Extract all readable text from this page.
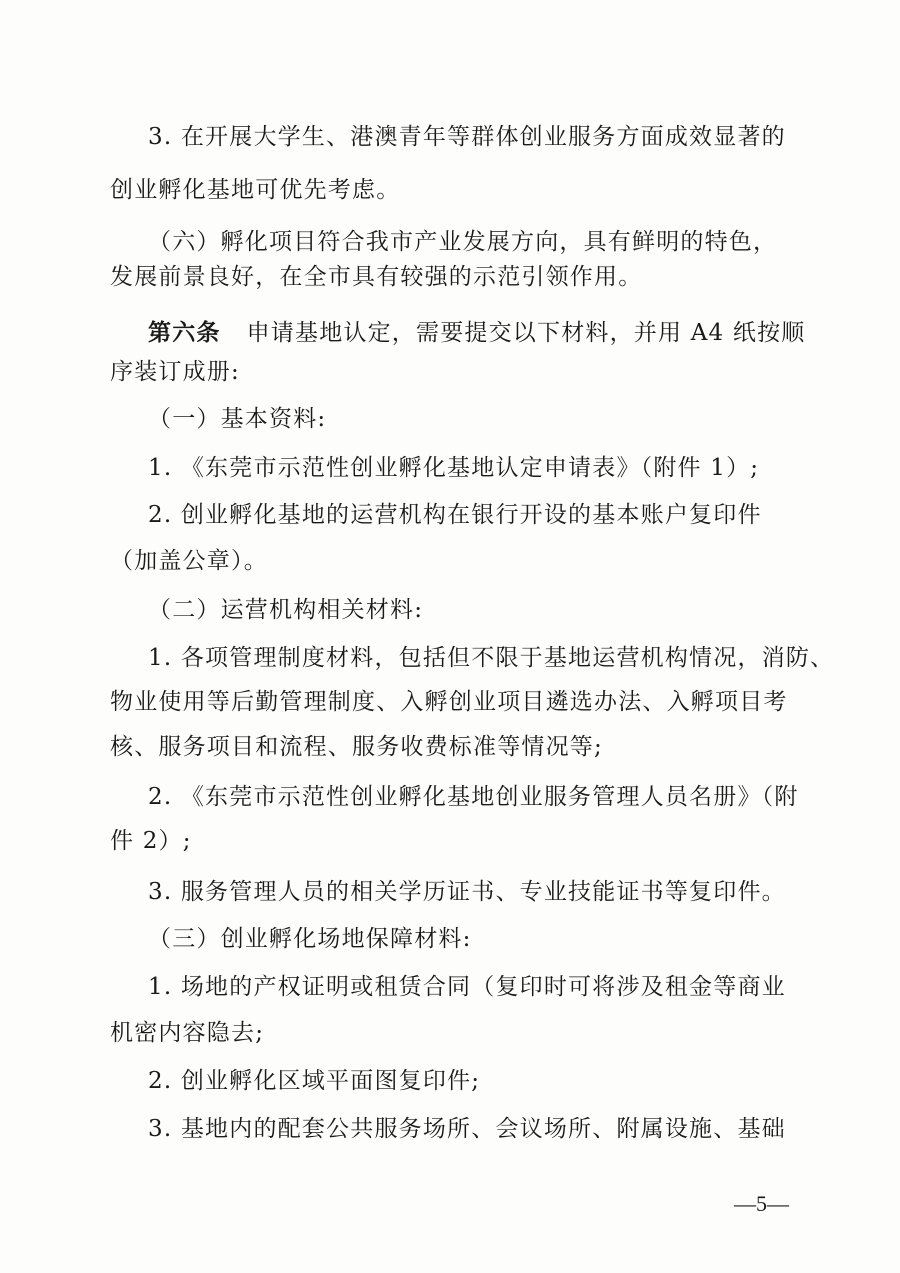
3. 在开展大学生、港澳青年等群体创业服务方面成效显著的
创业孵化基地可优先考虑。
（六）孵化项目符合我市产业发展方向，具有鲜明的特色，
发展前景良好，在全市具有较强的示范引领作用。
第六条 申请基地认定，需要提交以下材料，并用 A4 纸按顺
序装订成册:
（一）基本资料:
1. 《东莞市示范性创业孵化基地认定申请表》（附件 1）;
2. 创业孵化基地的运营机构在银行开设的基本账户复印件
（加盖公章）。
（二）运营机构相关材料:
1. 各项管理制度材料，包括但不限于基地运营机构情况，消防、
物业使用等后勤管理制度、入孵创业项目遴选办法、入孵项目考
核、服务项目和流程、服务收费标准等情况等;
2. 《东莞市示范性创业孵化基地创业服务管理人员名册》（附
件 2）;
3. 服务管理人员的相关学历证书、专业技能证书等复印件。
（三）创业孵化场地保障材料:
1. 场地的产权证明或租赁合同（复印时可将涉及租金等商业
机密内容隐去;
2. 创业孵化区域平面图复印件;
3. 基地内的配套公共服务场所、会议场所、附属设施、基础
—5—
